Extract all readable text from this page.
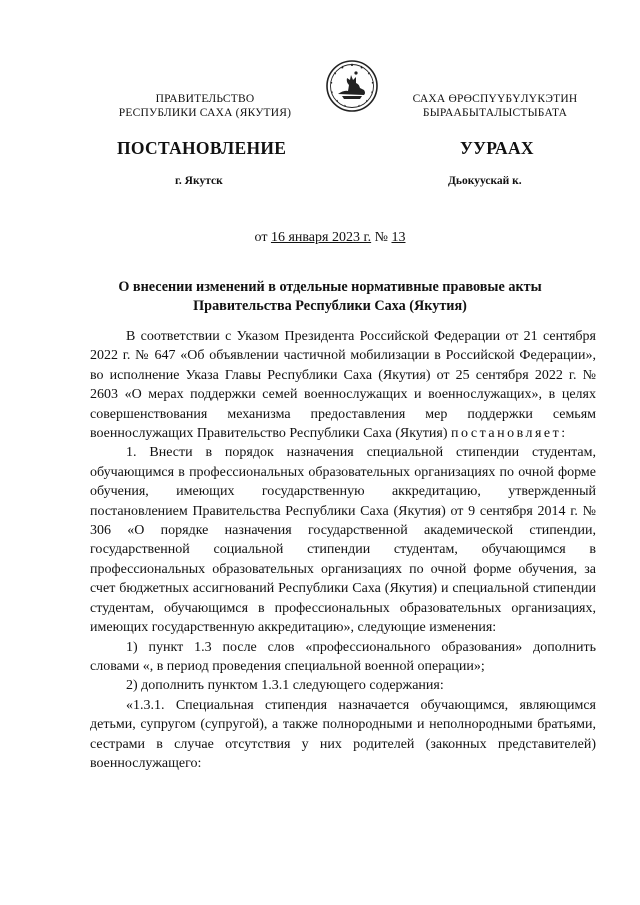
ПРАВИТЕЛЬСТВО
РЕСПУБЛИКИ САХА (ЯКУТИЯ)
САХА ӨРӨСПҮҮБҮЛҮКЭТИН
БЫРААБЫТАЛЫСТЫБАТА
ПОСТАНОВЛЕНИЕ	УУРААХ
г. Якутск	Дьокуускай к.
от 16 января 2023 г. № 13
О внесении изменений в отдельные нормативные правовые акты
Правительства Республики Саха (Якутия)

В соответствии с Указом Президента Российской Федерации от 21 сентября 2022 г. № 647 «Об объявлении частичной мобилизации в Российской Федерации», во исполнение Указа Главы Республики Саха (Якутия) от 25 сентября 2022 г. № 2603 «О мерах поддержки семей военнослужащих и военнослужащих», в целях совершенствования механизма предоставления мер поддержки семьям военнослужащих Правительство Республики Саха (Якутия) постановляет:

1. Внести в порядок назначения специальной стипендии студентам, обучающимся в профессиональных образовательных организациях по очной форме обучения, имеющих государственную аккредитацию, утвержденный постановлением Правительства Республики Саха (Якутия) от 9 сентября 2014 г. № 306 «О порядке назначения государственной академической стипендии, государственной социальной стипендии студентам, обучающимся в профессиональных образовательных организациях по очной форме обучения, за счет бюджетных ассигнований Республики Саха (Якутия) и специальной стипендии студентам, обучающимся в профессиональных образовательных организациях, имеющих государственную аккредитацию», следующие изменения:

1) пункт 1.3 после слов «профессионального образования» дополнить словами «, в период проведения специальной военной операции»;

2) дополнить пунктом 1.3.1 следующего содержания:

«1.3.1. Специальная стипендия назначается обучающимся, являющимся детьми, супругом (супругой), а также полнородными и неполнородными братьями, сестрами в случае отсутствия у них родителей (законных представителей) военнослужащего:
